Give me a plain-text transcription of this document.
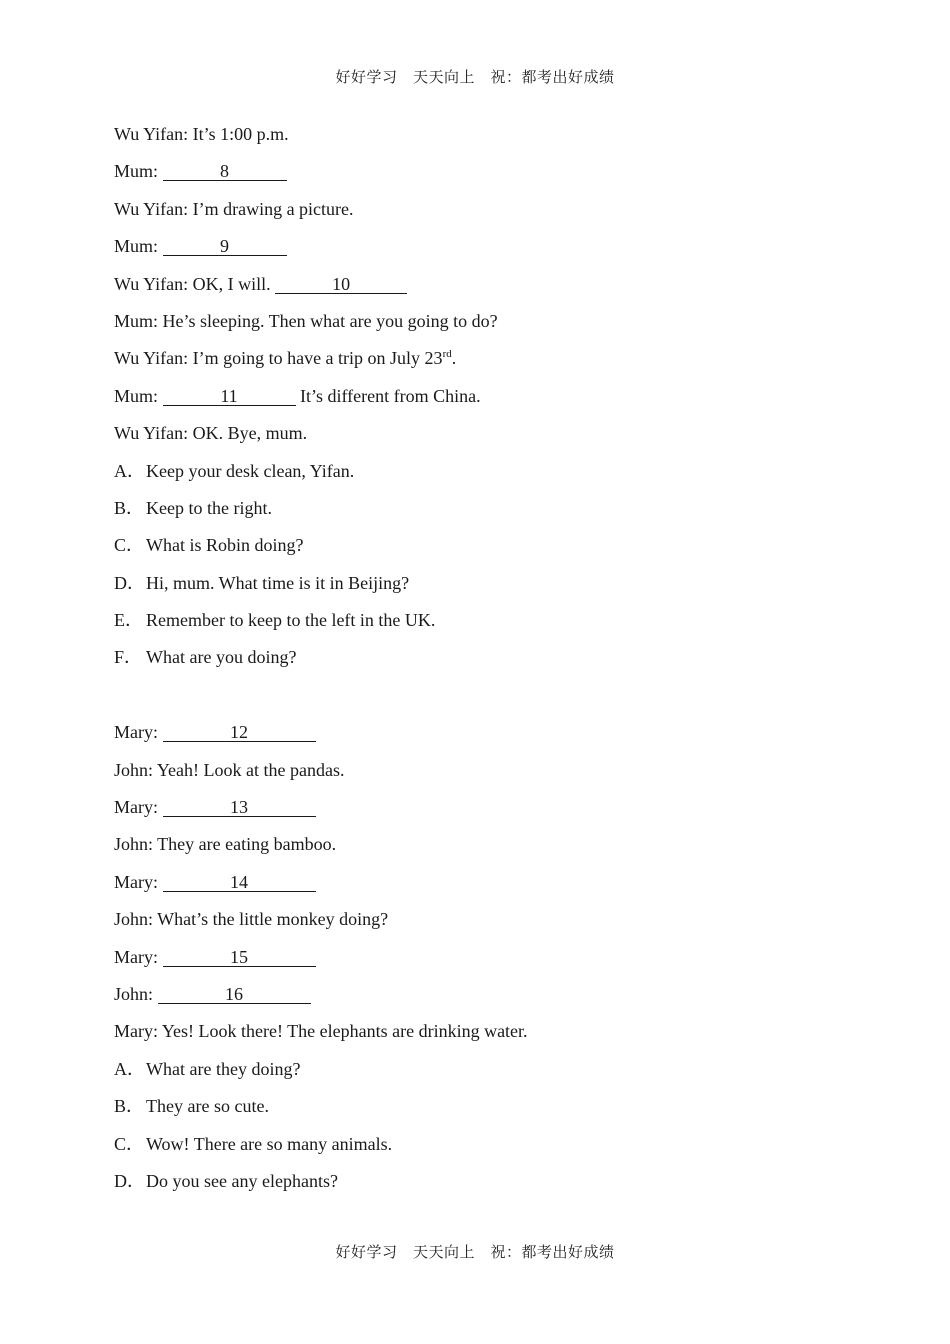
好好学习　天天向上　祝：都考出好成绩
Wu Yifan: It’s 1:00 p.m.
Mum:	8
Wu Yifan: I’m drawing a picture.
Mum:	9
Wu Yifan: OK, I will.	10
Mum: He’s sleeping. Then what are you going to do?
Wu Yifan: I’m going to have a trip on July 23rd.
Mum:	11	It’s different from China.
Wu Yifan: OK. Bye, mum.
A．Keep your desk clean, Yifan.
B． Keep to the right.
C． What is Robin doing?
D．Hi, mum. What time is it in Beijing?
E． Remember to keep to the left in the UK.
F． What are you doing?
Mary:	12
John: Yeah! Look at the pandas.
Mary:	13
John: They are eating bamboo.
Mary:	14
John: What’s the little monkey doing?
Mary:	15
John:	16
Mary: Yes! Look there! The elephants are drinking water.
A．What are they doing?
B． They are so cute.
C． Wow! There are so many animals.
D．Do you see any elephants?
好好学习　天天向上　祝：都考出好成绩
